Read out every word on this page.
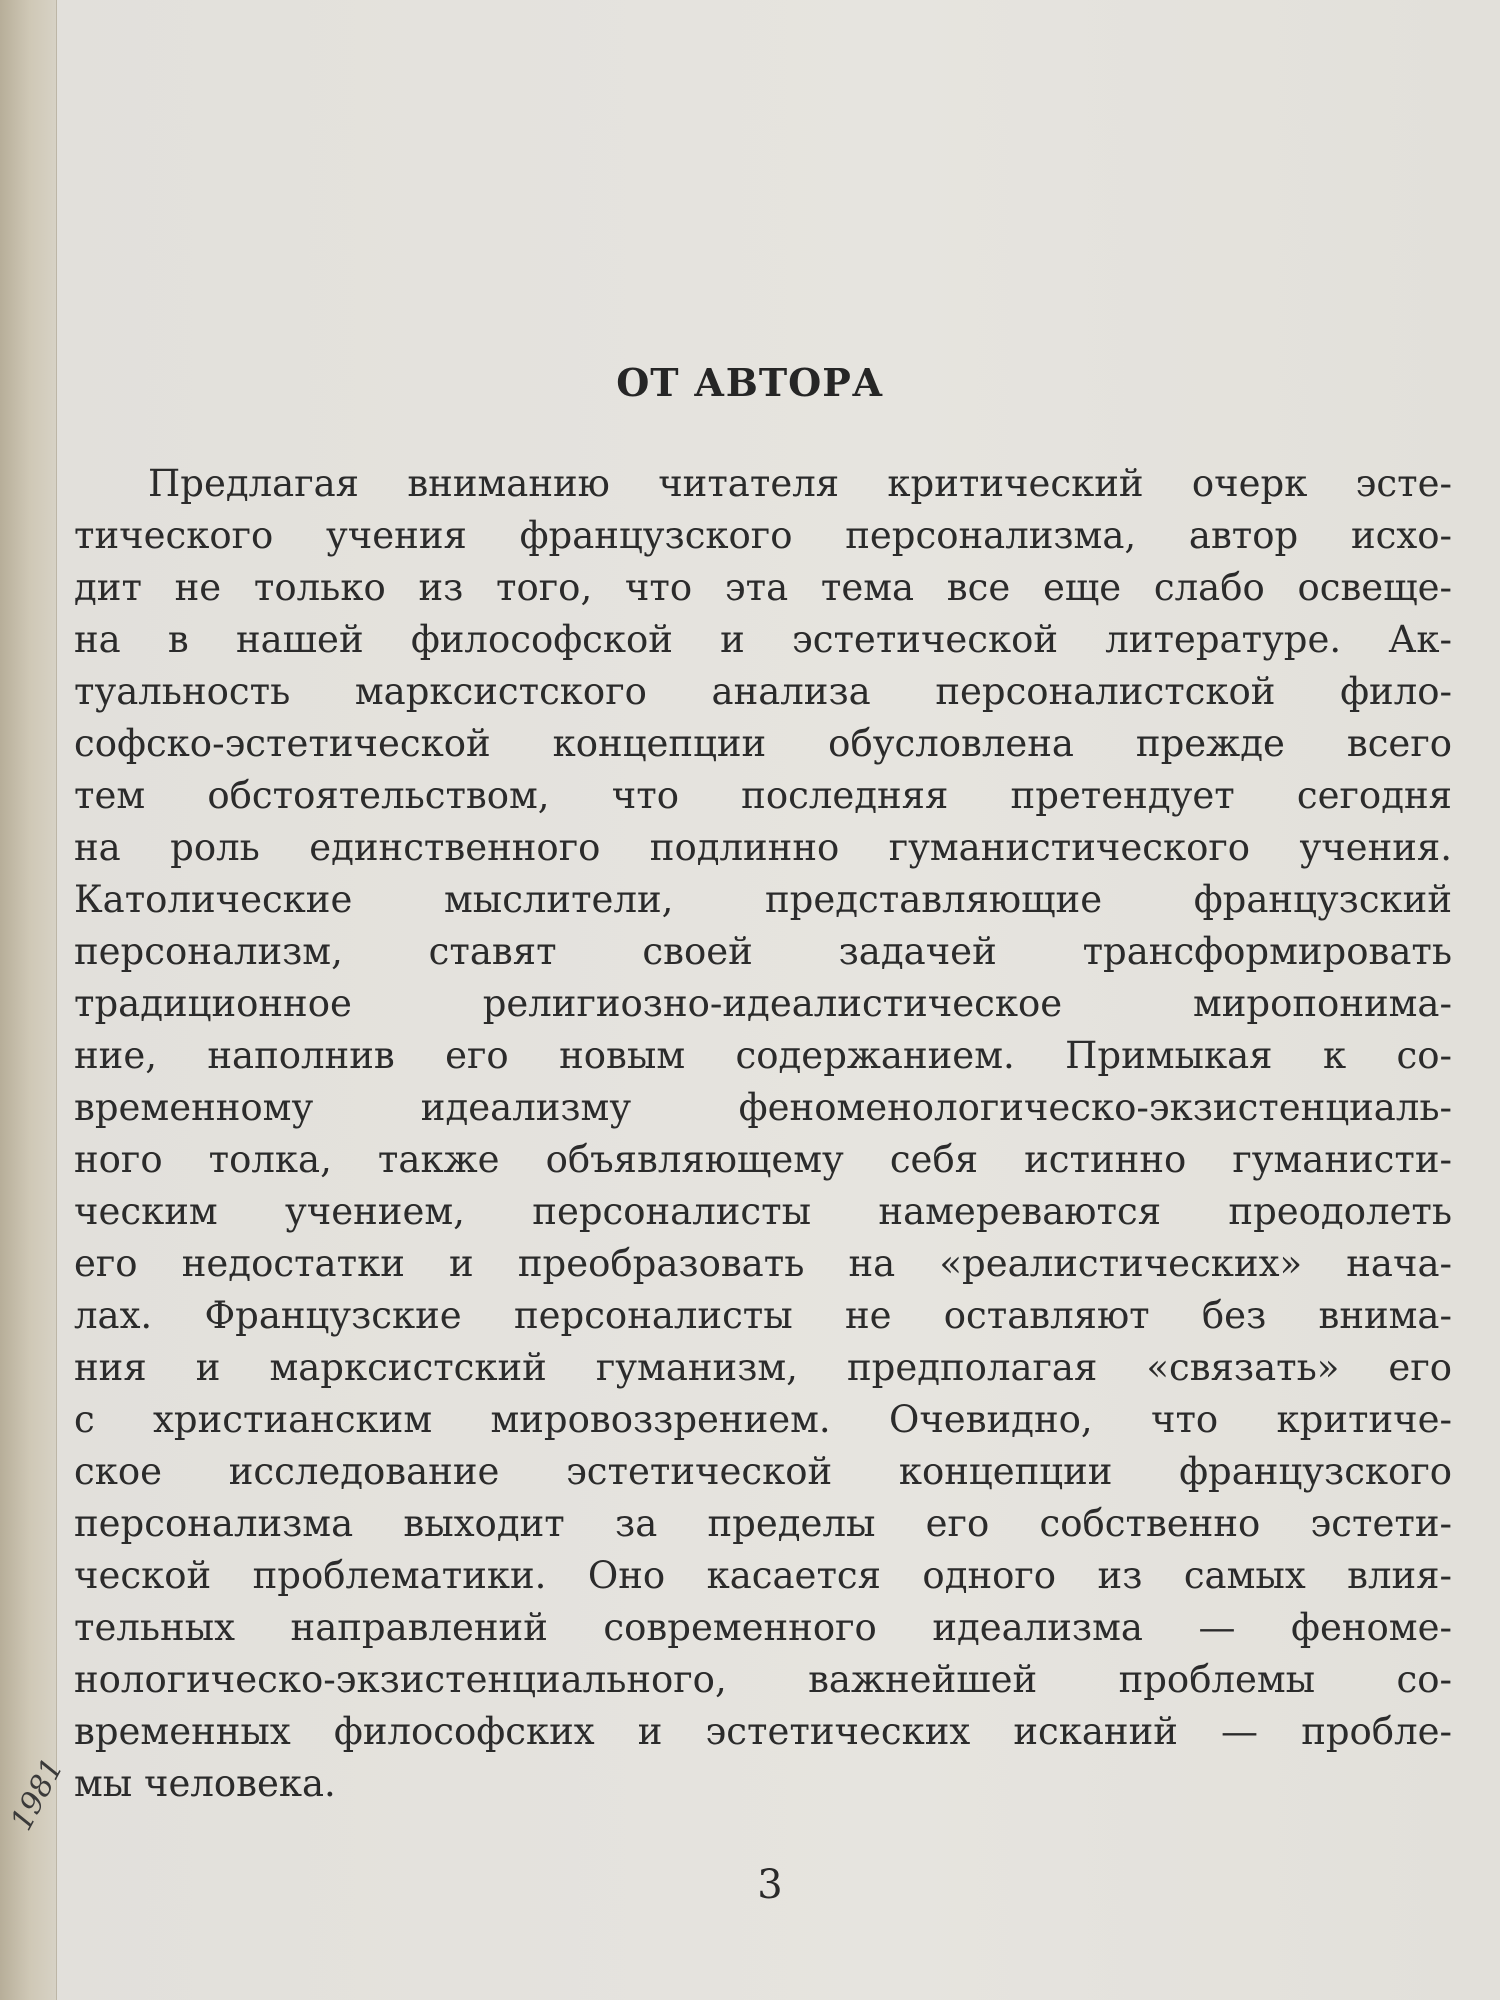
ОТ АВТОРА
Предлагая вниманию читателя критический очерк эсте-
тического учения французского персонализма, автор исхо-
дит не только из того, что эта тема все еще слабо освеще-
на в нашей философской и эстетической литературе. Ак-
туальность марксистского анализа персоналистской фило-
софско-эстетической концепции обусловлена прежде всего
тем обстоятельством, что последняя претендует сегодня
на роль единственного подлинно гуманистического учения.
Католические мыслители, представляющие французский
персонализм, ставят своей задачей трансформировать
традиционное религиозно-идеалистическое миропонима-
ние, наполнив его новым содержанием. Примыкая к со-
временному идеализму феноменологическо-экзистенциаль-
ного толка, также объявляющему себя истинно гуманисти-
ческим учением, персоналисты намереваются преодолеть
его недостатки и преобразовать на «реалистических» нача-
лах. Французские персоналисты не оставляют без внима-
ния и марксистский гуманизм, предполагая «связать» его
с христианским мировоззрением. Очевидно, что критиче-
ское исследование эстетической концепции французского
персонализма выходит за пределы его собственно эстети-
ческой проблематики. Оно касается одного из самых влия-
тельных направлений современного идеализма — феноме-
нологическо-экзистенциального, важнейшей проблемы со-
временных философских и эстетических исканий — пробле-
мы человека.
1981
3
